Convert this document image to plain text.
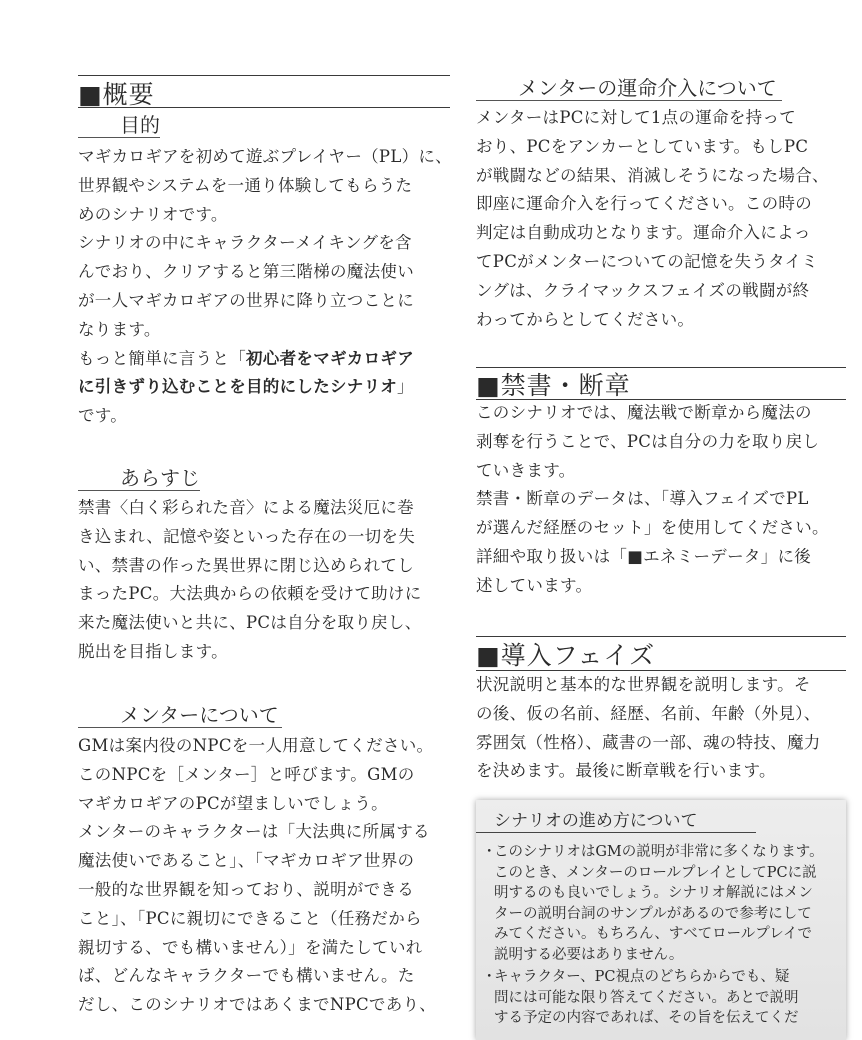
■概要
目的
マギカロギアを初めて遊ぶプレイヤー（PL）に、
世界観やシステムを一通り体験してもらうた
めのシナリオです。
シナリオの中にキャラクターメイキングを含
んでおり、クリアすると第三階梯の魔法使い
が一人マギカロギアの世界に降り立つことに
なります。
もっと簡単に言うと「初心者をマギカロギア
に引きずり込むことを目的にしたシナリオ」
です。
あらすじ
禁書〈白く彩られた音〉による魔法災厄に巻
き込まれ、記憶や姿といった存在の一切を失
い、禁書の作った異世界に閉じ込められてし
まったPC。大法典からの依頼を受けて助けに
来た魔法使いと共に、PCは自分を取り戻し、
脱出を目指します。
メンターについて
GMは案内役のNPCを一人用意してください。
このNPCを［メンター］と呼びます。GMの
マギカロギアのPCが望ましいでしょう。
メンターのキャラクターは「大法典に所属する
魔法使いであること」、「マギカロギア世界の
一般的な世界観を知っており、説明ができる
こと」、「PCに親切にできること（任務だから
親切する、でも構いません）」を満たしていれ
ば、どんなキャラクターでも構いません。た
だし、このシナリオではあくまでNPCであり、
メンターの運命介入について
メンターはPCに対して1点の運命を持って
おり、PCをアンカーとしています。もしPC
が戦闘などの結果、消滅しそうになった場合、
即座に運命介入を行ってください。この時の
判定は自動成功となります。運命介入によっ
てPCがメンターについての記憶を失うタイミ
ングは、クライマックスフェイズの戦闘が終
わってからとしてください。
■禁書・断章
このシナリオでは、魔法戦で断章から魔法の
剥奪を行うことで、PCは自分の力を取り戻し
ていきます。
禁書・断章のデータは、「導入フェイズでPL
が選んだ経歴のセット」を使用してください。
詳細や取り扱いは「■エネミーデータ」に後
述しています。
■導入フェイズ
状況説明と基本的な世界観を説明します。そ
の後、仮の名前、経歴、名前、年齢（外見）、
雰囲気（性格）、蔵書の一部、魂の特技、魔力
を決めます。最後に断章戦を行います。
シナリオの進め方について
・
このシナリオはGMの説明が非常に多くなります。
このとき、メンターのロールプレイとしてPCに説
明するのも良いでしょう。シナリオ解説にはメン
ターの説明台詞のサンプルがあるので参考にして
みてください。もちろん、すべてロールプレイで
説明する必要はありません。
・
キャラクター、PC視点のどちらからでも、疑
問には可能な限り答えてください。あとで説明
する予定の内容であれば、その旨を伝えてくだ
